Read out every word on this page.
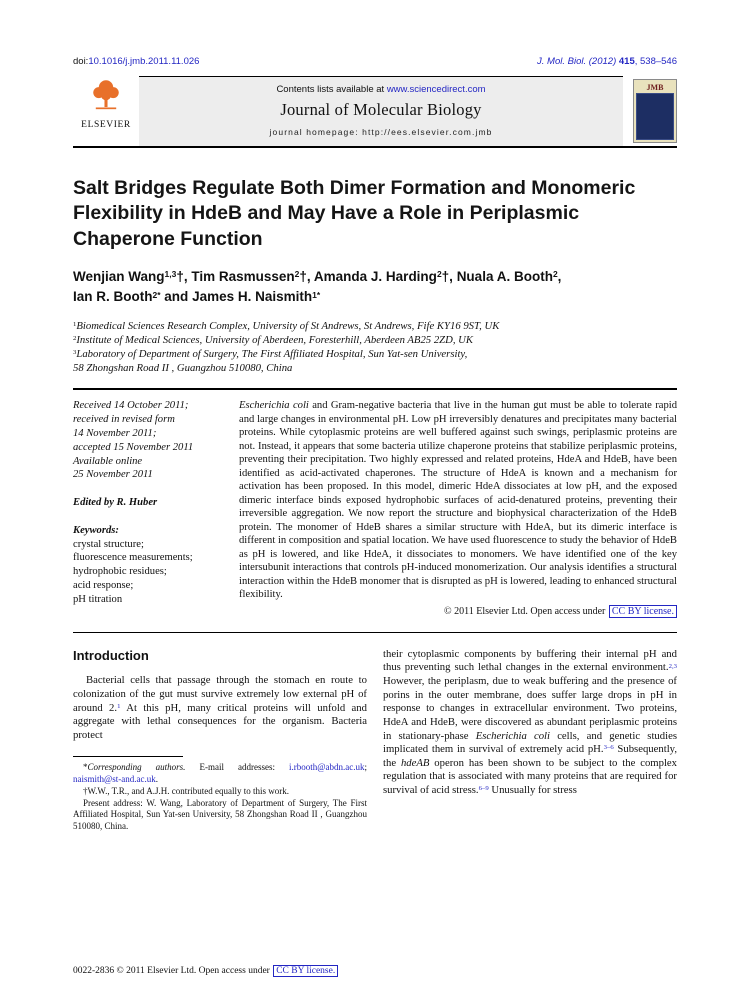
doi:10.1016/j.jmb.2011.11.026	J. Mol. Biol. (2012) 415, 538–546
ELSEVIER
Contents lists available at www.sciencedirect.com
Journal of Molecular Biology
journal homepage: http://ees.elsevier.com.jmb
JMB
Salt Bridges Regulate Both Dimer Formation and Monomeric Flexibility in HdeB and May Have a Role in Periplasmic Chaperone Function
Wenjian Wang$^{1,3}$†, Tim Rasmussen$^2$†, Amanda J. Harding$^2$†, Nuala A. Booth$^2$, Ian R. Booth$^{2*}$ and James H. Naismith$^{1*}$
$^1$Biomedical Sciences Research Complex, University of St Andrews, St Andrews, Fife KY16 9ST, UK
$^2$Institute of Medical Sciences, University of Aberdeen, Foresterhill, Aberdeen AB25 2ZD, UK
$^3$Laboratory of Department of Surgery, The First Affiliated Hospital, Sun Yat-sen University,
58 Zhongshan Road II , Guangzhou 510080, China
Received 14 October 2011;
received in revised form
14 November 2011;
accepted 15 November 2011
Available online
25 November 2011
Edited by R. Huber
Keywords:
crystal structure;
fluorescence measurements;
hydrophobic residues;
acid response;
pH titration
Escherichia coli and Gram-negative bacteria that live in the human gut must be able to tolerate rapid and large changes in environmental pH. Low pH irreversibly denatures and precipitates many bacterial proteins. While cytoplasmic proteins are well buffered against such swings, periplasmic proteins are not. Instead, it appears that some bacteria utilize chaperone proteins that stabilize periplasmic proteins, preventing their precipitation. Two highly expressed and related proteins, HdeA and HdeB, have been identified as acid-activated chaperones. The structure of HdeA is known and a mechanism for activation has been proposed. In this model, dimeric HdeA dissociates at low pH, and the exposed dimeric interface binds exposed hydrophobic surfaces of acid-denatured proteins, preventing their irreversible aggregation. We now report the structure and biophysical characterization of the HdeB protein. The monomer of HdeB shares a similar structure with HdeA, but its dimeric interface is different in composition and spatial location. We have used fluorescence to study the behavior of HdeB as pH is lowered, and like HdeA, it dissociates to monomers. We have identified one of the key intersubunit interactions that controls pH-induced monomerization. Our analysis identifies a structural interaction within the HdeB monomer that is disrupted as pH is lowered, leading to enhanced structural flexibility.
© 2011 Elsevier Ltd. Open access under CC BY license.
Introduction

Bacterial cells that passage through the stomach en route to colonization of the gut must survive extremely low external pH of around 2.$^1$ At this pH, many critical proteins will unfold and aggregate with lethal consequences for the organism. Bacteria protect

*Corresponding authors. E-mail addresses: i.rbooth@abdn.ac.uk; naismith@st-and.ac.uk.

†W.W., T.R., and A.J.H. contributed equally to this work.

Present address: W. Wang, Laboratory of Department of Surgery, The First Affiliated Hospital, Sun Yat-sen University, 58 Zhongshan Road II , Guangzhou 510080, China.

their cytoplasmic components by buffering their internal pH and thus preventing such lethal changes in the external environment.$^{2,3}$ However, the periplasm, due to weak buffering and the presence of porins in the outer membrane, does suffer large drops in pH in response to changes in extracellular environment. Two proteins, HdeA and HdeB, were discovered as abundant periplasmic proteins in stationary-phase Escherichia coli cells, and genetic studies implicated them in survival of extremely acid pH.$^{3-6}$ Subsequently, the hdeAB operon has been shown to be subject to the complex regulation that is associated with many proteins that are required for survival of acid stress.$^{6-9}$ Unusually for stress

0022-2836 © 2011 Elsevier Ltd. Open access under CC BY license.
